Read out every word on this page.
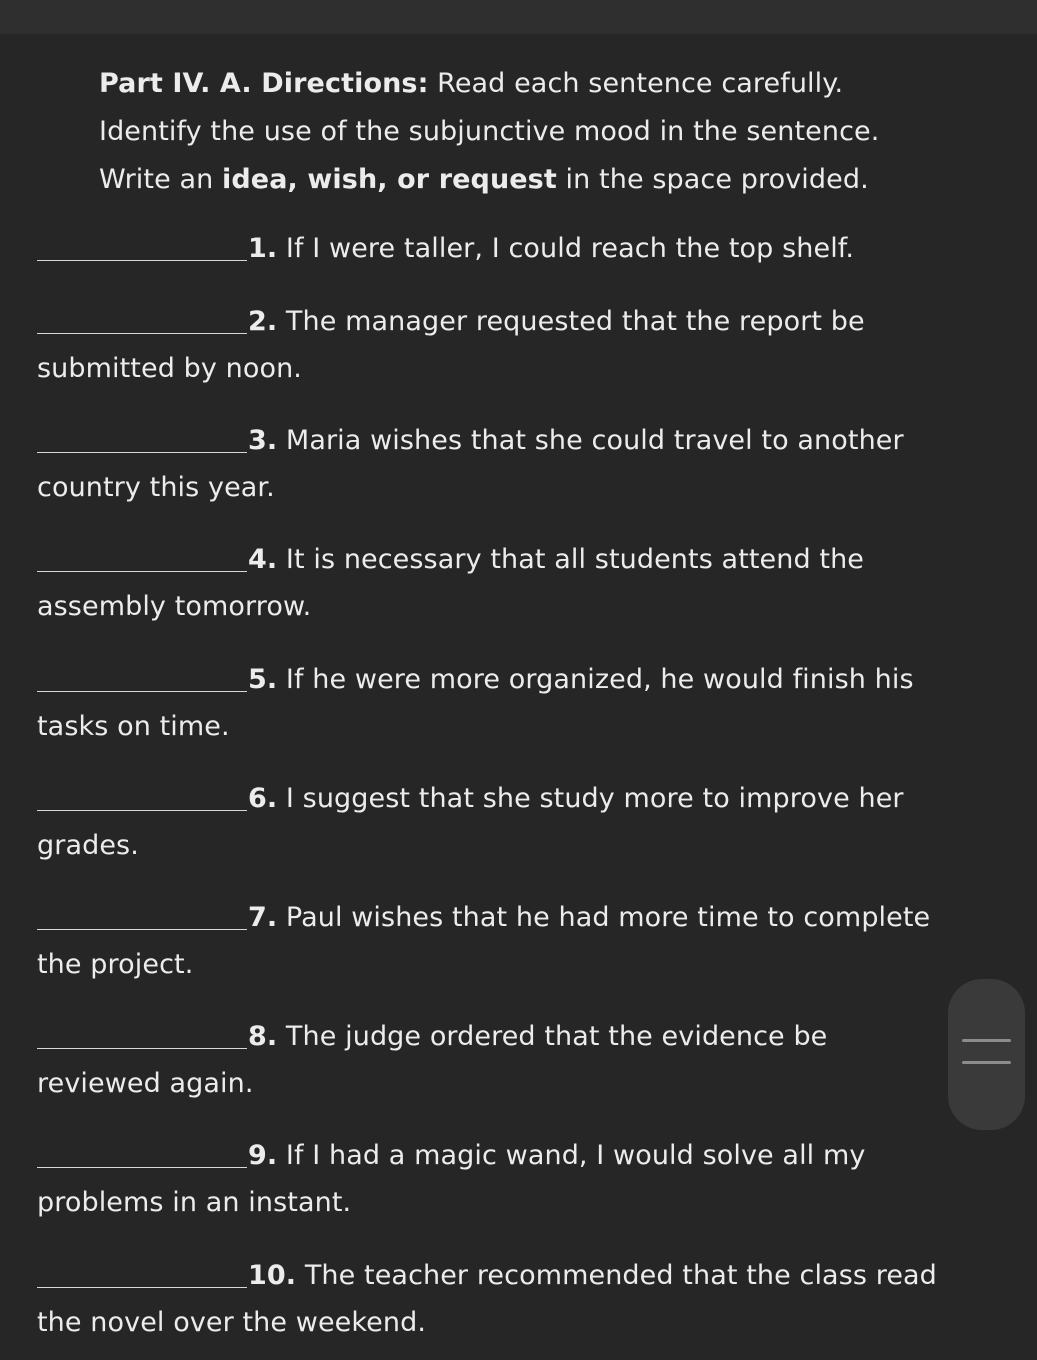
Part IV. A. Directions: Read each sentence carefully.
Identify the use of the subjunctive mood in the sentence.
Write an idea, wish, or request in the space provided.
1. If I were taller, I could reach the top shelf.
2. The manager requested that the report be submitted by noon.
3. Maria wishes that she could travel to another country this year.
4. It is necessary that all students attend the assembly tomorrow.
5. If he were more organized, he would finish his tasks on time.
6. I suggest that she study more to improve her grades.
7. Paul wishes that he had more time to complete the project.
8. The judge ordered that the evidence be reviewed again.
9. If I had a magic wand, I would solve all my problems in an instant.
10. The teacher recommended that the class read the novel over the weekend.
